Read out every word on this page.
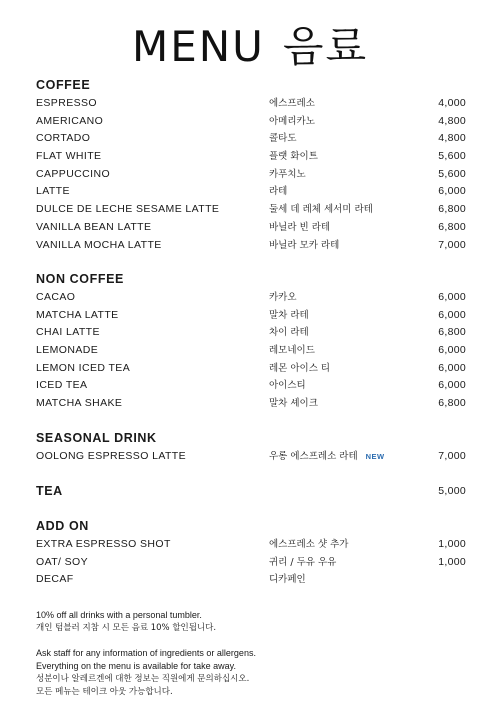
MENU 음료
COFFEE
ESPRESSO	에스프레소	4,000
AMERICANO	아메리카노	4,800
CORTADO	콜타도	4,800
FLAT WHITE	플랫 화이트	5,600
CAPPUCCINO	카푸치노	5,600
LATTE	라테	6,000
DULCE DE LECHE SESAME LATTE	둘세 데 레체 세서미 라테	6,800
VANILLA BEAN LATTE	바닐라 빈 라테	6,800
VANILLA MOCHA LATTE	바닐라 모카 라테	7,000
NON COFFEE
CACAO	카카오	6,000
MATCHA LATTE	말차 라테	6,000
CHAI LATTE	차이 라테	6,800
LEMONADE	레모네이드	6,000
LEMON ICED TEA	레몬 아이스 티	6,000
ICED TEA	아이스티	6,000
MATCHA SHAKE	말차 셰이크	6,800
SEASONAL DRINK
OOLONG ESPRESSO LATTE	우롱 에스프레소 라테 NEW	7,000
TEA	5,000
ADD ON
EXTRA ESPRESSO SHOT	에스프레소 샷 추가	1,000
OAT/ SOY	귀리 / 두유 우유	1,000
DECAF	디카페인
10% off all drinks with a personal tumbler.
개인 텀블러 지참 시 모든 음료 10% 할인됩니다.
Ask staff for any information of ingredients or allergens.
Everything on the menu is available for take away.
성분이나 알레르겐에 대한 정보는 직원에게 문의하십시오.
모든 메뉴는 테이크 아웃 가능합니다.
